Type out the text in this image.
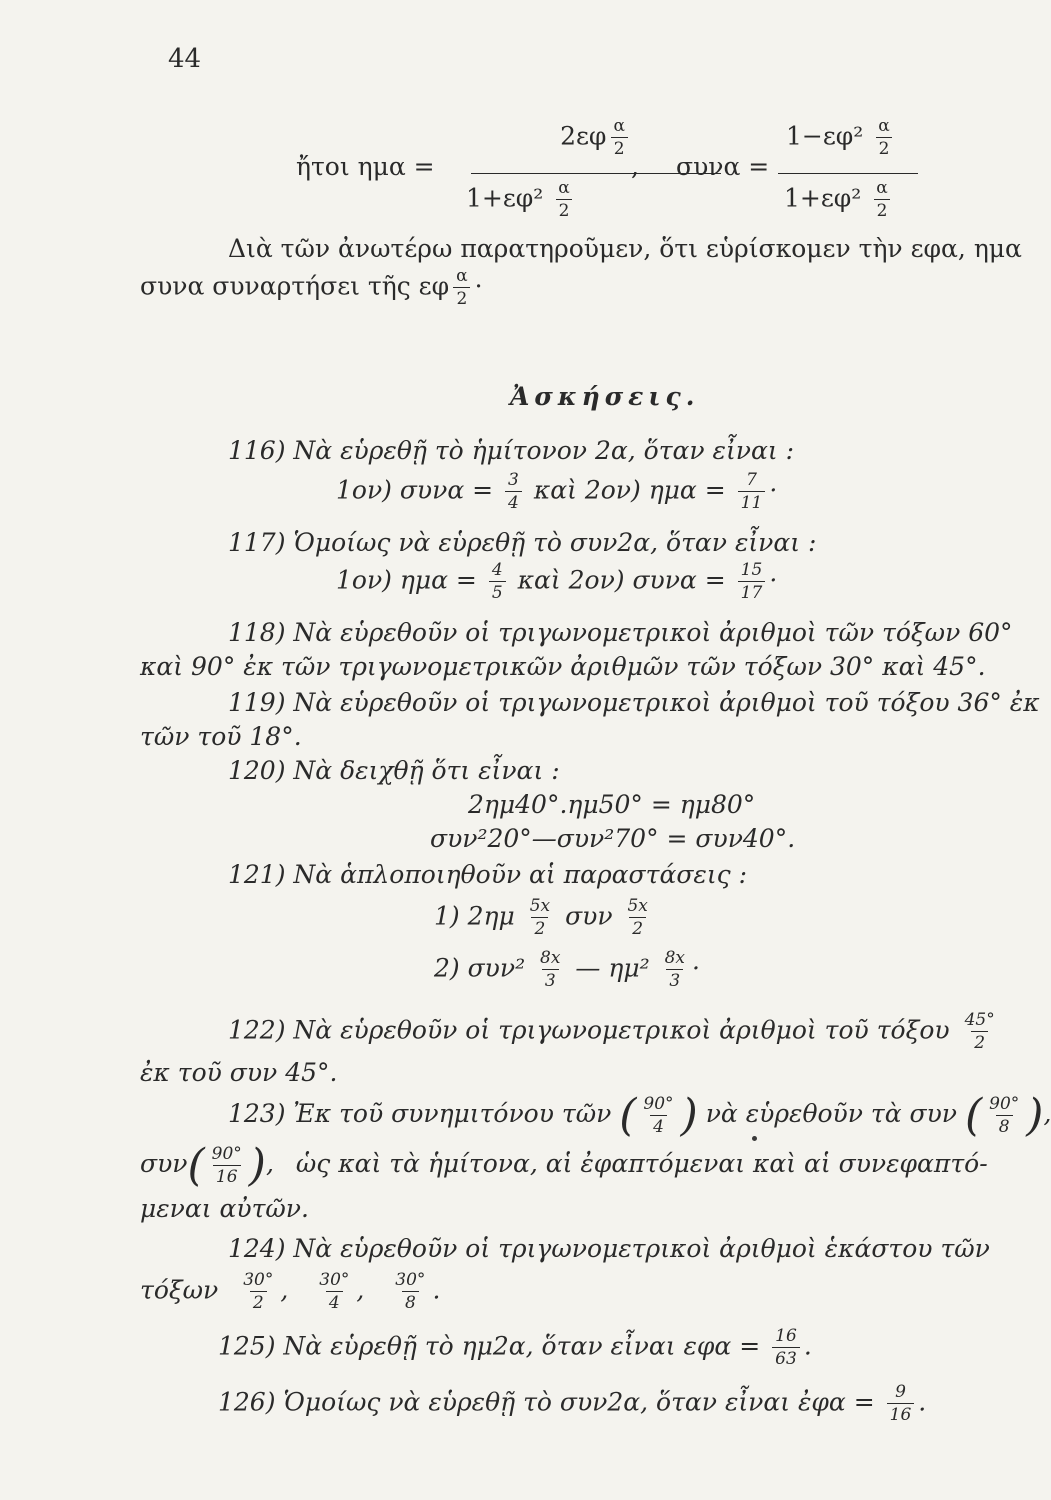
44
ἤτοι ημα =
$2\varepsilon\varphi \frac{\alpha}{2}$
$1+\varepsilon\varphi^2 \frac{\alpha}{2}$
, συνα =
$1-\varepsilon\varphi^2 \frac{\alpha}{2}$
$1+\varepsilon\varphi^2 \frac{\alpha}{2}$
Διὰ τῶν ἀνωτέρω παρατηροῦμεν, ὅτι εὑρίσκομεν τὴν εφα, ημα
συνα συναρτήσει τῆς εφ $\frac{\alpha}{2}$ ·
Ἀσκήσεις.
116) Νὰ εὑρεθῇ τὸ ἡμίτονον 2α, ὅταν εἶναι :
1ον) $\sigma\upsilon\nu\alpha = \frac{3}{4}$ καὶ 2ον) $\eta\mu\alpha = \frac{7}{11}$ ·
117) Ὁμοίως νὰ εὑρεθῇ τὸ συν2α, ὅταν εἶναι :
1ον) $\eta\mu\alpha = \frac{4}{5}$ καὶ 2ον) $\sigma\upsilon\nu\alpha = \frac{15}{17}$ ·
118) Νὰ εὑρεθοῦν οἱ τριγωνομετρικοὶ ἀριθμοὶ τῶν τόξων 60°
καὶ 90° ἐκ τῶν τριγωνομετρικῶν ἀριθμῶν τῶν τόξων 30° καὶ 45°.
119) Νὰ εὑρεθοῦν οἱ τριγωνομετρικοὶ ἀριθμοὶ τοῦ τόξου 36° ἐκ
τῶν τοῦ 18°.
120) Νὰ δειχθῇ ὅτι εἶναι :
2ημ40°.ημ50° = ημ80°
συν²20°—συν²70° = συν40°.
121) Νὰ ἁπλοποιηθοῦν αἱ παραστάσεις :
1) $2\eta\mu \frac{5x}{2}$ συν $\frac{5x}{2}$
2) $\sigma\upsilon\nu^2 \frac{8x}{3}$ — $\eta\mu^2 \frac{8x}{3}$ ·
122) Νὰ εὑρεθοῦν οἱ τριγωνομετρικοὶ ἀριθμοὶ τοῦ τόξου $\frac{45^\circ}{2}$
ἐκ τοῦ συν 45°.
123) Ἐκ τοῦ συνημιτόνου τῶν ( $\frac{90^\circ}{4}$ ) νὰ εὑρεθοῦν τὰ συν ( $\frac{90^\circ}{8}$ ),
$\sigma\upsilon\nu( \frac{90^\circ}{16}$ ), ὡς καὶ τὰ ἡμίτονα, αἱ ἐφαπτόμεναι καὶ αἱ συνεφαπτό-
μεναι αὐτῶν.
124) Νὰ εὑρεθοῦν οἱ τριγωνομετρικοὶ ἀριθμοὶ ἑκάστου τῶν
τόξων $\frac{30^\circ}{2}$ , $\frac{30^\circ}{4}$ , $\frac{30^\circ}{8}$ .
125) Νὰ εὑρεθῇ τὸ ημ2α, ὅταν εἶναι $\varepsilon\varphi\alpha = \frac{16}{63}$ .
126) Ὁμοίως νὰ εὑρεθῇ τὸ συν2α, ὅταν εἶναι ἐφα = $\frac{9}{16}$ .
